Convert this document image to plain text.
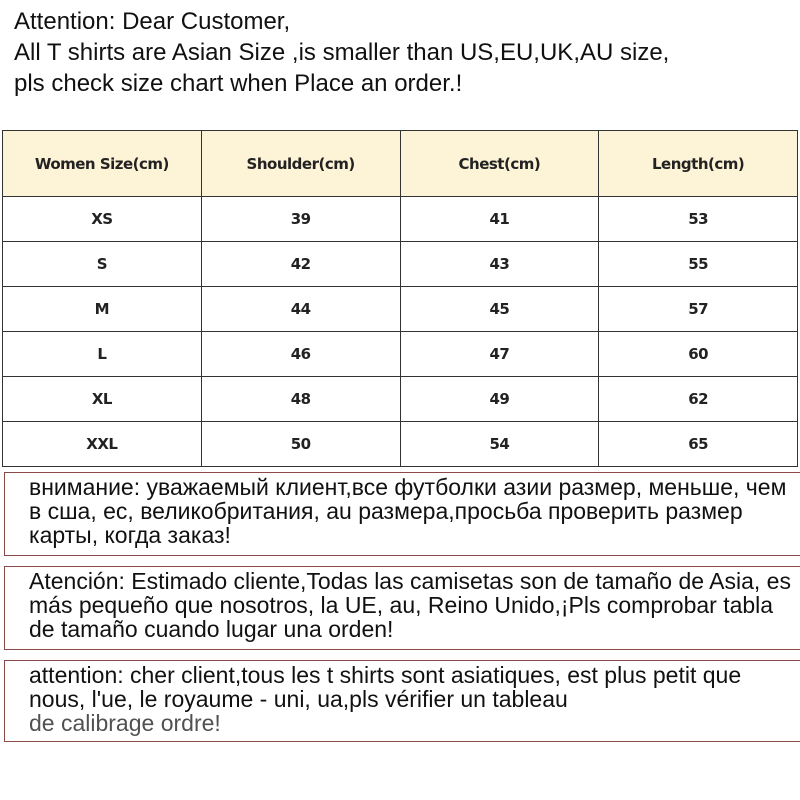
Attention: Dear Customer,
All T shirts are Asian Size ,is smaller than US,EU,UK,AU size,
pls check size chart when Place an order.!
Women Size(cm)	Shoulder(cm)	Chest(cm)	Length(cm)
XS	39	41	53
S	42	43	55
M	44	45	57
L	46	47	60
XL	48	49	62
XXL	50	54	65
внимание: уважаемый клиент,все футболки азии размер, меньше, чем в сша, ес, великобритания, au размера,просьба проверить размер карты, когда заказ!
Atención: Estimado cliente,Todas las camisetas son de tamaño de Asia, es más pequeño que nosotros, la UE, au, Reino Unido,¡Pls comprobar tabla de tamaño cuando lugar una orden!
attention: cher client,tous les t shirts sont asiatiques, est plus petit que nous, l'ue, le royaume - uni, ua,pls vérifier un tableau
de calibrage ordre!
